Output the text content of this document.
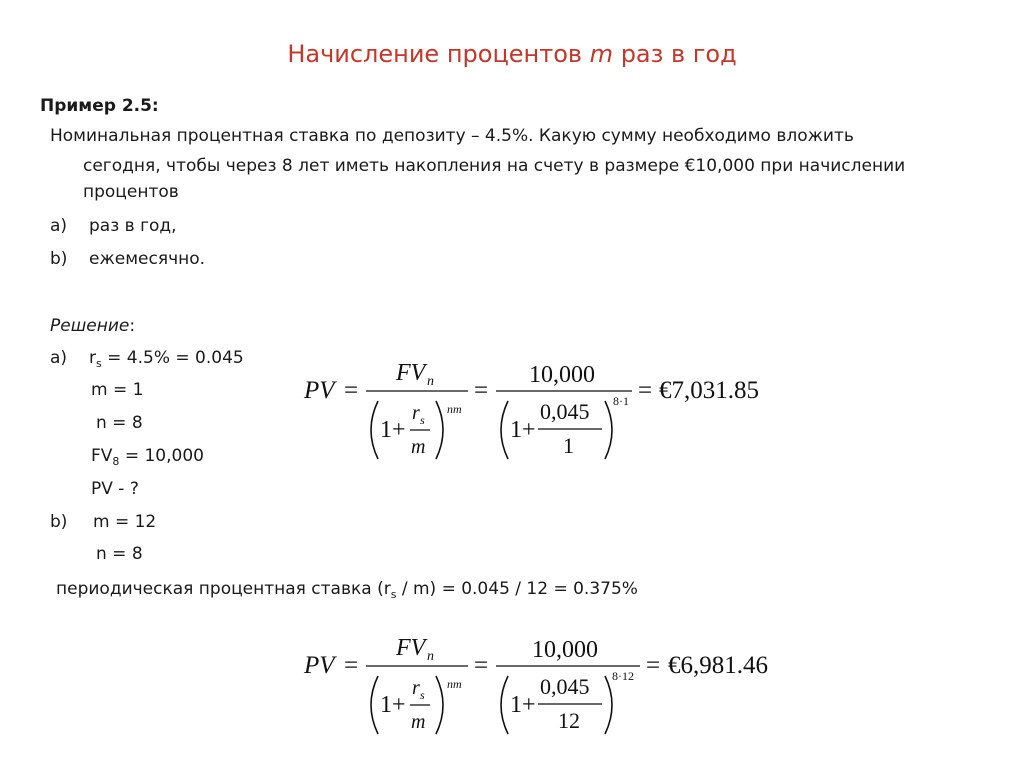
Начисление процентов m раз в год
Пример 2.5:
Номинальная процентная ставка по депозиту – 4.5%. Какую сумму необходимо вложить
сегодня, чтобы через 8 лет иметь накопления на счету в размере €10,000 при начислении
процентов
a) раз в год,
b) ежемесячно.
Решение:
a) $r_s = 4.5\% = 0.045$
m = 1
n = 8
$FV_8 = 10,000$
PV - ?
b) m = 12
n = 8
периодическая процентная ставка $(r_s / m) = 0.045 / 12 = 0.375\%$
PV =
FV n
1+
r s
m
nm
=
10,000
1+
0,045
1
8·1 = €7,031.85
PV =
FV n
1+
r s
m
nm
=
10,000
1+
0,045
12
8·12 = €6,981.46
